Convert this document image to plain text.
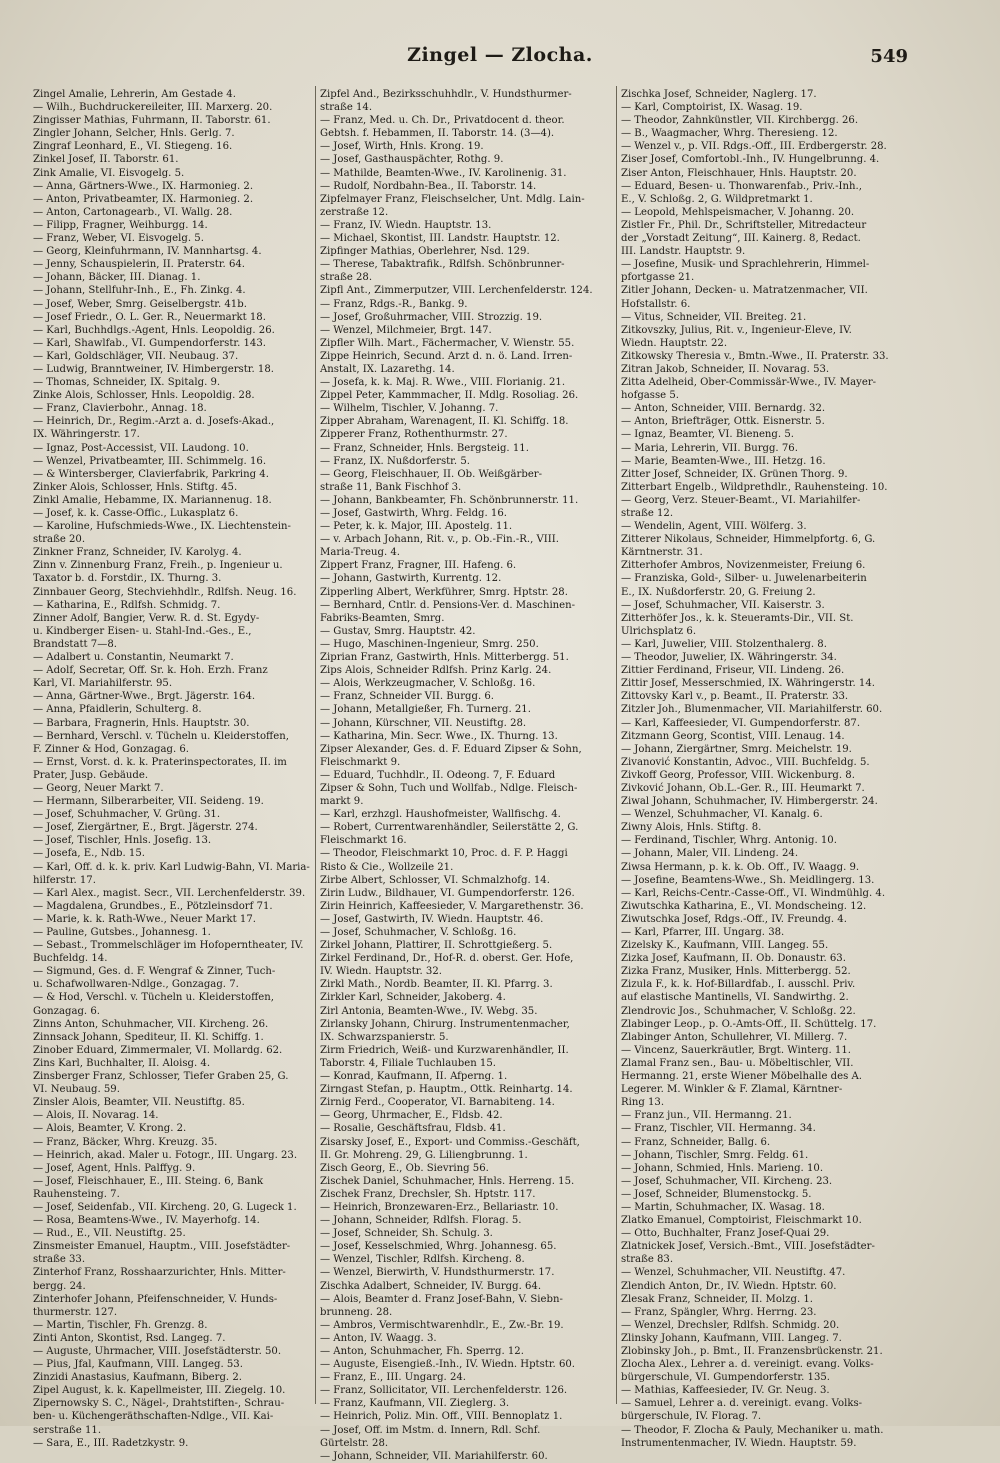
Zingel — Zlocha.	549
Zingel Amalie, Lehrerin, Am Gestade 4.
— Wilh., Buchdruckereileiter, III. Marxerg. 20.
Zingisser Mathias, Fuhrmann, II. Taborstr. 61.
Zingler Johann, Selcher, Hnls. Gerlg. 7.
Zingraf Leonhard, E., VI. Stiegeng. 16.
Zinkel Josef, II. Taborstr. 61.
Zink Amalie, VI. Eisvogelg. 5.
— Anna, Gärtners-Wwe., IX. Harmonieg. 2.
— Anton, Privatbeamter, IX. Harmonieg. 2.
— Anton, Cartonagearb., VI. Wallg. 28.
— Filipp, Fragner, Weihburgg. 14.
— Franz, Weber, VI. Eisvogelg. 5.
— Georg, Kleinfuhrmann, IV. Mannhartsg. 4.
— Jenny, Schauspielerin, II. Praterstr. 64.
— Johann, Bäcker, III. Dianag. 1.
— Johann, Stellfuhr-Inh., E., Fh. Zinkg. 4.
— Josef, Weber, Smrg. Geiselbergstr. 41b.
— Josef Friedr., O. L. Ger. R., Neuermarkt 18.
— Karl, Buchhdlgs.-Agent, Hnls. Leopoldig. 26.
— Karl, Shawlfab., VI. Gumpendorferstr. 143.
— Karl, Goldschläger, VII. Neubaug. 37.
— Ludwig, Branntweiner, IV. Himbergerstr. 18.
— Thomas, Schneider, IX. Spitalg. 9.
Zinke Alois, Schlosser, Hnls. Leopoldig. 28.
— Franz, Clavierbohr., Annag. 18.
— Heinrich, Dr., Regim.-Arzt a. d. Josefs-Akad.,
IX. Währingerstr. 17.
— Ignaz, Post-Accessist, VII. Laudong. 10.
— Wenzel, Privatbeamter, III. Schimmelg. 16.
— & Wintersberger, Clavierfabrik, Parkring 4.
Zinker Alois, Schlosser, Hnls. Stiftg. 45.
Zinkl Amalie, Hebamme, IX. Mariannenug. 18.
— Josef, k. k. Casse-Offic., Lukasplatz 6.
— Karoline, Hufschmieds-Wwe., IX. Liechtenstein-
straße 20.
Zinkner Franz, Schneider, IV. Karolyg. 4.
Zinn v. Zinnenburg Franz, Freih., p. Ingenieur u.
Taxator b. d. Forstdir., IX. Thurng. 3.
Zinnbauer Georg, Stechviehhdlr., Rdlfsh. Neug. 16.
— Katharina, E., Rdlfsh. Schmidg. 7.
Zinner Adolf, Bangier, Verw. R. d. St. Egydy-
u. Kindberger Eisen- u. Stahl-Ind.-Ges., E.,
Brandstatt 7—8.
— Adalbert u. Constantin, Neumarkt 7.
— Adolf, Secretar, Off. Sr. k. Hoh. Erzh. Franz
Karl, VI. Mariahilferstr. 95.
— Anna, Gärtner-Wwe., Brgt. Jägerstr. 164.
— Anna, Pfaidlerin, Schulterg. 8.
— Barbara, Fragnerin, Hnls. Hauptstr. 30.
— Bernhard, Verschl. v. Tücheln u. Kleiderstoffen,
F. Zinner & Hod, Gonzagag. 6.
— Ernst, Vorst. d. k. k. Praterinspectorates, II. im
Prater, Jusp. Gebäude.
— Georg, Neuer Markt 7.
— Hermann, Silberarbeiter, VII. Seideng. 19.
— Josef, Schuhmacher, V. Grüng. 31.
— Josef, Ziergärtner, E., Brgt. Jägerstr. 274.
— Josef, Tischler, Hnls. Josefig. 13.
— Josefa, E., Ndb. 15.
— Karl, Off. d. k. k. priv. Karl Ludwig-Bahn, VI. Maria-
hilferstr. 17.
— Karl Alex., magist. Secr., VII. Lerchenfelderstr. 39.
— Magdalena, Grundbes., E., Pötzleinsdorf 71.
— Marie, k. k. Rath-Wwe., Neuer Markt 17.
— Pauline, Gutsbes., Johannesg. 1.
— Sebast., Trommelschläger im Hofoperntheater, IV.
Buchfeldg. 14.
— Sigmund, Ges. d. F. Wengraf & Zinner, Tuch-
u. Schafwollwaren-Ndlge., Gonzagag. 7.
— & Hod, Verschl. v. Tücheln u. Kleiderstoffen,
Gonzagag. 6.
Zinns Anton, Schuhmacher, VII. Kircheng. 26.
Zinnsack Johann, Spediteur, II. Kl. Schiffg. 1.
Zinober Eduard, Zimmermaler, VI. Mollardg. 62.
Zins Karl, Buchhalter, II. Aloisg. 4.
Zinsberger Franz, Schlosser, Tiefer Graben 25, G.
VI. Neubaug. 59.
Zinsler Alois, Beamter, VII. Neustiftg. 85.
— Alois, II. Novarag. 14.
— Alois, Beamter, V. Krong. 2.
— Franz, Bäcker, Whrg. Kreuzg. 35.
— Heinrich, akad. Maler u. Fotogr., III. Ungarg. 23.
— Josef, Agent, Hnls. Palffyg. 9.
— Josef, Fleischhauer, E., III. Steing. 6, Bank
Rauhensteing. 7.
— Josef, Seidenfab., VII. Kircheng. 20, G. Lugeck 1.
— Rosa, Beamtens-Wwe., IV. Mayerhofg. 14.
— Rud., E., VII. Neustiftg. 25.
Zinsmeister Emanuel, Hauptm., VIII. Josefstädter-
straße 33.
Zinterhof Franz, Rosshaarzurichter, Hnls. Mitter-
bergg. 24.
Zinterhofer Johann, Pfeifenschneider, V. Hunds-
thurmerstr. 127.
— Martin, Tischler, Fh. Grenzg. 8.
Zinti Anton, Skontist, Rsd. Langeg. 7.
— Auguste, Uhrmacher, VIII. Josefstädterstr. 50.
— Pius, Jfal, Kaufmann, VIII. Langeg. 53.
Zinzidi Anastasius, Kaufmann, Biberg. 2.
Zipel August, k. k. Kapellmeister, III. Ziegelg. 10.
Zipernowsky S. C., Nägel-, Drahtstiften-, Schrau-
ben- u. Küchengeräthschaften-Ndlge., VII. Kai-
serstraße 11.
— Sara, E., III. Radetzkystr. 9.
Zipfel And., Bezirksschuhhdlr., V. Hundsthurmer-
straße 14.
— Franz, Med. u. Ch. Dr., Privatdocent d. theor.
Gebtsh. f. Hebammen, II. Taborstr. 14. (3—4).
— Josef, Wirth, Hnls. Krong. 19.
— Josef, Gasthauspächter, Rothg. 9.
— Mathilde, Beamten-Wwe., IV. Karolinenig. 31.
— Rudolf, Nordbahn-Bea., II. Taborstr. 14.
Zipfelmayer Franz, Fleischselcher, Unt. Mdlg. Lain-
zerstraße 12.
— Franz, IV. Wiedn. Hauptstr. 13.
— Michael, Skontist, III. Landstr. Hauptstr. 12.
Zipfinger Mathias, Oberlehrer, Nsd. 129.
— Therese, Tabaktrafik., Rdlfsh. Schönbrunner-
straße 28.
Zipfl Ant., Zimmerputzer, VIII. Lerchenfelderstr. 124.
— Franz, Rdgs.-R., Bankg. 9.
— Josef, Großuhrmacher, VIII. Strozzig. 19.
— Wenzel, Milchmeier, Brgt. 147.
Zipfler Wilh. Mart., Fächermacher, V. Wienstr. 55.
Zippe Heinrich, Secund. Arzt d. n. ö. Land. Irren-
Anstalt, IX. Lazarethg. 14.
— Josefa, k. k. Maj. R. Wwe., VIII. Florianig. 21.
Zippel Peter, Kammmacher, II. Mdlg. Rosoliag. 26.
— Wilhelm, Tischler, V. Johanng. 7.
Zipper Abraham, Warenagent, II. Kl. Schiffg. 18.
Zipperer Franz, Rothenthurmstr. 27.
— Franz, Schneider, Hnls. Bergsteig. 11.
— Franz, IX. Nußdorferstr. 5.
— Georg, Fleischhauer, II. Ob. Weißgärber-
straße 11, Bank Fischhof 3.
— Johann, Bankbeamter, Fh. Schönbrunnerstr. 11.
— Josef, Gastwirth, Whrg. Feldg. 16.
— Peter, k. k. Major, III. Apostelg. 11.
— v. Arbach Johann, Rit. v., p. Ob.-Fin.-R., VIII.
Maria-Treug. 4.
Zippert Franz, Fragner, III. Hafeng. 6.
— Johann, Gastwirth, Kurrentg. 12.
Zipperling Albert, Werkführer, Smrg. Hptstr. 28.
— Bernhard, Cntlr. d. Pensions-Ver. d. Maschinen-
Fabriks-Beamten, Smrg.
— Gustav, Smrg. Hauptstr. 42.
— Hugo, Maschinen-Ingenieur, Smrg. 250.
Ziprian Franz, Gastwirth, Hnls. Mitterbergg. 51.
Zips Alois, Schneider Rdlfsh. Prinz Karlg. 24.
— Alois, Werkzeugmacher, V. Schloßg. 16.
— Franz, Schneider VII. Burgg. 6.
— Johann, Metallgießer, Fh. Turnerg. 21.
— Johann, Kürschner, VII. Neustiftg. 28.
— Katharina, Min. Secr. Wwe., IX. Thurng. 13.
Zipser Alexander, Ges. d. F. Eduard Zipser & Sohn,
Fleischmarkt 9.
— Eduard, Tuchhdlr., II. Odeong. 7, F. Eduard
Zipser & Sohn, Tuch und Wollfab., Ndlge. Fleisch-
markt 9.
— Karl, erzhzgl. Haushofmeister, Wallfischg. 4.
— Robert, Currentwarenhändler, Seilerstätte 2, G.
Fleischmarkt 16.
— Theodor, Fleischmarkt 10, Proc. d. F. P. Haggi
Risto & Cie., Wollzeile 21.
Zirbe Albert, Schlosser, VI. Schmalzhofg. 14.
Zirin Ludw., Bildhauer, VI. Gumpendorferstr. 126.
Zirin Heinrich, Kaffeesieder, V. Margarethenstr. 36.
— Josef, Gastwirth, IV. Wiedn. Hauptstr. 46.
— Josef, Schuhmacher, V. Schloßg. 16.
Zirkel Johann, Plattirer, II. Schrottgießerg. 5.
Zirkel Ferdinand, Dr., Hof-R. d. oberst. Ger. Hofe,
IV. Wiedn. Hauptstr. 32.
Zirkl Math., Nordb. Beamter, II. Kl. Pfarrg. 3.
Zirkler Karl, Schneider, Jakoberg. 4.
Zirl Antonia, Beamten-Wwe., IV. Webg. 35.
Zirlansky Johann, Chirurg. Instrumentenmacher,
IX. Schwarzspanierstr. 5.
Zirm Friedrich, Weiß- und Kurzwarenhändler, II.
Taborstr. 4, Filiale Tuchlauben 15.
— Konrad, Kaufmann, II. Afperng. 1.
Zirngast Stefan, p. Hauptm., Ottk. Reinhartg. 14.
Zirnig Ferd., Cooperator, VI. Barnabiteng. 14.
— Georg, Uhrmacher, E., Fldsb. 42.
— Rosalie, Geschäftsfrau, Fldsb. 41.
Zisarsky Josef, E., Export- und Commiss.-Geschäft,
II. Gr. Mohreng. 29, G. Liliengbrunng. 1.
Zisch Georg, E., Ob. Sievring 56.
Zischek Daniel, Schuhmacher, Hnls. Herreng. 15.
Zischek Franz, Drechsler, Sh. Hptstr. 117.
— Heinrich, Bronzewaren-Erz., Bellariastr. 10.
— Johann, Schneider, Rdlfsh. Florag. 5.
— Josef, Schneider, Sh. Schulg. 3.
— Josef, Kesselschmied, Whrg. Johannesg. 65.
— Wenzel, Tischler, Rdlfsh. Kircheng. 8.
— Wenzel, Bierwirth, V. Hundsthurmerstr. 17.
Zischka Adalbert, Schneider, IV. Burgg. 64.
— Alois, Beamter d. Franz Josef-Bahn, V. Siebn-
brunneng. 28.
— Ambros, Vermischtwarenhdlr., E., Zw.-Br. 19.
— Anton, IV. Waagg. 3.
— Anton, Schuhmacher, Fh. Sperrg. 12.
— Auguste, Eisengieß.-Inh., IV. Wiedn. Hptstr. 60.
— Franz, E., III. Ungarg. 24.
— Franz, Sollicitator, VII. Lerchenfelderstr. 126.
— Franz, Kaufmann, VII. Zieglerg. 3.
— Heinrich, Poliz. Min. Off., VIII. Bennoplatz 1.
— Josef, Off. im Mstm. d. Innern, Rdl. Schf.
Gürtelstr. 28.
— Johann, Schneider, VII. Mariahilferstr. 60.
Zischka Josef, Schneider, Naglerg. 17.
— Karl, Comptoirist, IX. Wasag. 19.
— Theodor, Zahnkünstler, VII. Kirchbergg. 26.
— B., Waagmacher, Whrg. Theresieng. 12.
— Wenzel v., p. VII. Rdgs.-Off., III. Erdbergerstr. 28.
Ziser Josef, Comfortobl.-Inh., IV. Hungelbrunng. 4.
Ziser Anton, Fleischhauer, Hnls. Hauptstr. 20.
— Eduard, Besen- u. Thonwarenfab., Priv.-Inh.,
E., V. Schloßg. 2, G. Wildpretmarkt 1.
— Leopold, Mehlspeismacher, V. Johanng. 20.
Zistler Fr., Phil. Dr., Schriftsteller, Mitredacteur
der „Vorstadt Zeitung“, III. Kainerg. 8, Redact.
III. Landstr. Hauptstr. 9.
— Josefine, Musik- und Sprachlehrerin, Himmel-
pfortgasse 21.
Zitler Johann, Decken- u. Matratzenmacher, VII.
Hofstallstr. 6.
— Vitus, Schneider, VII. Breiteg. 21.
Zitkovszky, Julius, Rit. v., Ingenieur-Eleve, IV.
Wiedn. Hauptstr. 22.
Zitkowsky Theresia v., Bmtn.-Wwe., II. Praterstr. 33.
Zitran Jakob, Schneider, II. Novarag. 53.
Zitta Adelheid, Ober-Commissär-Wwe., IV. Mayer-
hofgasse 5.
— Anton, Schneider, VIII. Bernardg. 32.
— Anton, Briefträger, Ottk. Eisnerstr. 5.
— Ignaz, Beamter, VI. Bieneng. 5.
— Maria, Lehrerin, VII. Burgg. 76.
— Marie, Beamten-Wwe., III. Hetzg. 16.
Zitter Josef, Schneider, IX. Grünen Thorg. 9.
Zitterbart Engelb., Wildprethdlr., Rauhensteing. 10.
— Georg, Verz. Steuer-Beamt., VI. Mariahilfer-
straße 12.
— Wendelin, Agent, VIII. Wölferg. 3.
Zitterer Nikolaus, Schneider, Himmelpfortg. 6, G.
Kärntnerstr. 31.
Zitterhofer Ambros, Novizenmeister, Freiung 6.
— Franziska, Gold-, Silber- u. Juwelenarbeiterin
E., IX. Nußdorferstr. 20, G. Freiung 2.
— Josef, Schuhmacher, VII. Kaiserstr. 3.
Zitterhöfer Jos., k. k. Steueramts-Dir., VII. St.
Ulrichsplatz 6.
— Karl, Juwelier, VIII. Stolzenthalerg. 8.
— Theodor, Juwelier, IX. Währingerstr. 34.
Zittier Ferdinand, Friseur, VII. Lindeng. 26.
Zittir Josef, Messerschmied, IX. Währingerstr. 14.
Zittovsky Karl v., p. Beamt., II. Praterstr. 33.
Zitzler Joh., Blumenmacher, VII. Mariahilferstr. 60.
— Karl, Kaffeesieder, VI. Gumpendorferstr. 87.
Zitzmann Georg, Scontist, VIII. Lenaug. 14.
— Johann, Ziergärtner, Smrg. Meichelstr. 19.
Zivanović Konstantin, Advoc., VIII. Buchfeldg. 5.
Zivkoff Georg, Professor, VIII. Wickenburg. 8.
Zivković Johann, Ob.L.-Ger. R., III. Heumarkt 7.
Ziwal Johann, Schuhmacher, IV. Himbergerstr. 24.
— Wenzel, Schuhmacher, VI. Kanalg. 6.
Ziwny Alois, Hnls. Stiftg. 8.
— Ferdinand, Tischler, Whrg. Antonig. 10.
— Johann, Maler, VII. Lindeng. 24.
Ziwsa Hermann, p. k. k. Ob. Off., IV. Waagg. 9.
— Josefine, Beamtens-Wwe., Sh. Meidlingerg. 13.
— Karl, Reichs-Centr.-Casse-Off., VI. Windmühlg. 4.
Ziwutschka Katharina, E., VI. Mondscheing. 12.
Ziwutschka Josef, Rdgs.-Off., IV. Freundg. 4.
— Karl, Pfarrer, III. Ungarg. 38.
Zizelsky K., Kaufmann, VIII. Langeg. 55.
Zizka Josef, Kaufmann, II. Ob. Donaustr. 63.
Zizka Franz, Musiker, Hnls. Mitterbergg. 52.
Zizula F., k. k. Hof-Billardfab., I. ausschl. Priv.
auf elastische Mantinells, VI. Sandwirthg. 2.
Zlendrovic Jos., Schuhmacher, V. Schloßg. 22.
Zlabinger Leop., p. O.-Amts-Off., II. Schüttelg. 17.
Zlabinger Anton, Schullehrer, VI. Millerg. 7.
— Vincenz, Sauerkräutler, Brgt. Winterg. 11.
Zlamal Franz sen., Bau- u. Möbeltischler, VII.
Hermanng. 21, erste Wiener Möbelhalle des A.
Legerer. M. Winkler & F. Zlamal, Kärntner-
Ring 13.
— Franz jun., VII. Hermanng. 21.
— Franz, Tischler, VII. Hermanng. 34.
— Franz, Schneider, Ballg. 6.
— Johann, Tischler, Smrg. Feldg. 61.
— Johann, Schmied, Hnls. Marieng. 10.
— Josef, Schuhmacher, VII. Kircheng. 23.
— Josef, Schneider, Blumenstockg. 5.
— Martin, Schuhmacher, IX. Wasag. 18.
Zlatko Emanuel, Comptoirist, Fleischmarkt 10.
— Otto, Buchhalter, Franz Josef-Quai 29.
Zlatnickek Josef, Versich.-Bmt., VIII. Josefstädter-
straße 83.
— Wenzel, Schuhmacher, VII. Neustiftg. 47.
Zlendich Anton, Dr., IV. Wiedn. Hptstr. 60.
Zlesak Franz, Schneider, II. Molzg. 1.
— Franz, Spängler, Whrg. Herrng. 23.
— Wenzel, Drechsler, Rdlfsh. Schmidg. 20.
Zlinsky Johann, Kaufmann, VIII. Langeg. 7.
Zlobinsky Joh., p. Bmt., II. Franzensbrückenstr. 21.
Zlocha Alex., Lehrer a. d. vereinigt. evang. Volks-
bürgerschule, VI. Gumpendorferstr. 135.
— Mathias, Kaffeesieder, IV. Gr. Neug. 3.
— Samuel, Lehrer a. d. vereinigt. evang. Volks-
bürgerschule, IV. Florag. 7.
— Theodor, F. Zlocha & Pauly, Mechaniker u. math.
Instrumentenmacher, IV. Wiedn. Hauptstr. 59.
